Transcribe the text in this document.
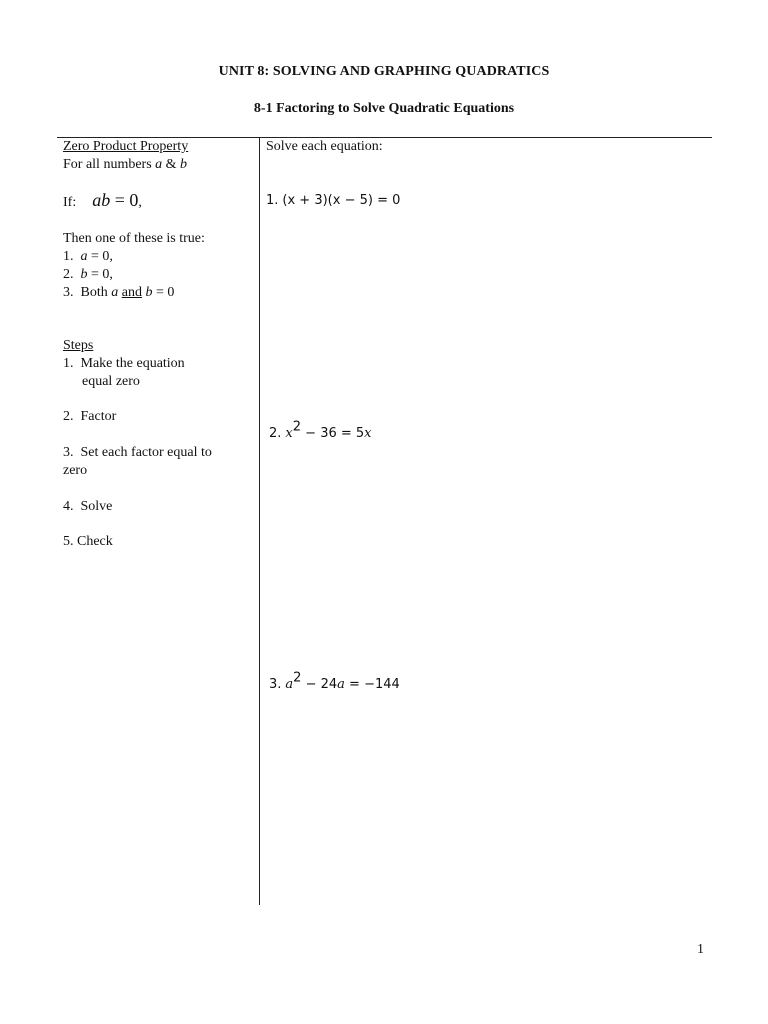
UNIT 8: SOLVING AND GRAPHING QUADRATICS
8-1 Factoring to Solve Quadratic Equations
Zero Product Property
For all numbers a & b
If: ab = 0,
Then one of these is true:
1. a = 0,
2. b = 0,
3. Both a and b = 0
Steps
1. Make the equation
equal zero
2. Factor
3. Set each factor equal to
zero
4. Solve
5. Check
Solve each equation:
1. (x + 3)(x − 5) = 0
2. $x^2 - 36 = 5x$
3. $a^2 - 24a = -144$
1
